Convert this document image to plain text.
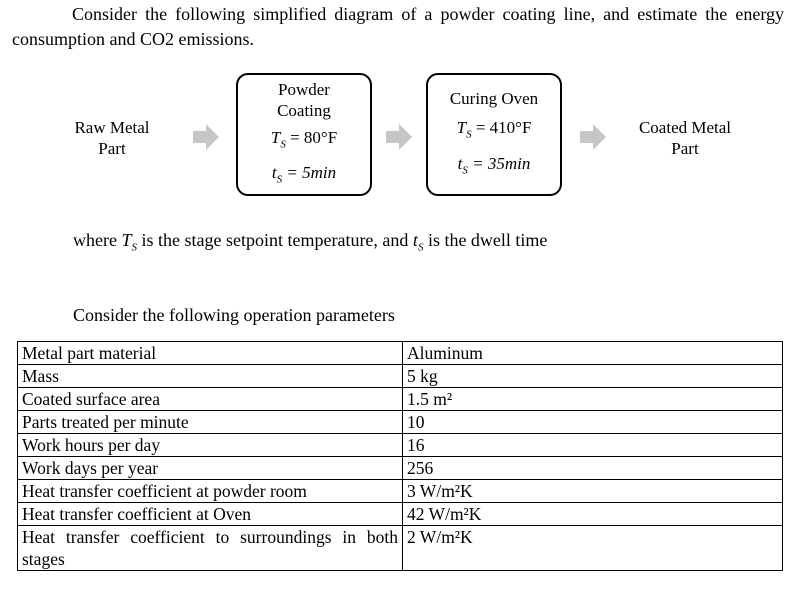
Consider the following simplified diagram of a powder coating line, and estimate the energy consumption and CO2 emissions.

Raw Metal
Part
Powder
Coating
$T_S = 80^\circ F$
$t_S = 5\min$
Curing Oven
$T_S = 410^\circ F$
$t_S = 35\min$
Coated Metal
Part
where $T_S$ is the stage setpoint temperature, and $t_S$ is the dwell time
Consider the following operation parameters
Metal part material	Aluminum
Mass	5 kg
Coated surface area	1.5 m²
Parts treated per minute	10
Work hours per day	16
Work days per year	256
Heat transfer coefficient at powder room	3 W/m²K
Heat transfer coefficient at Oven	42 W/m²K
Heat transfer coefficient to surroundings in both stages	2 W/m²K
